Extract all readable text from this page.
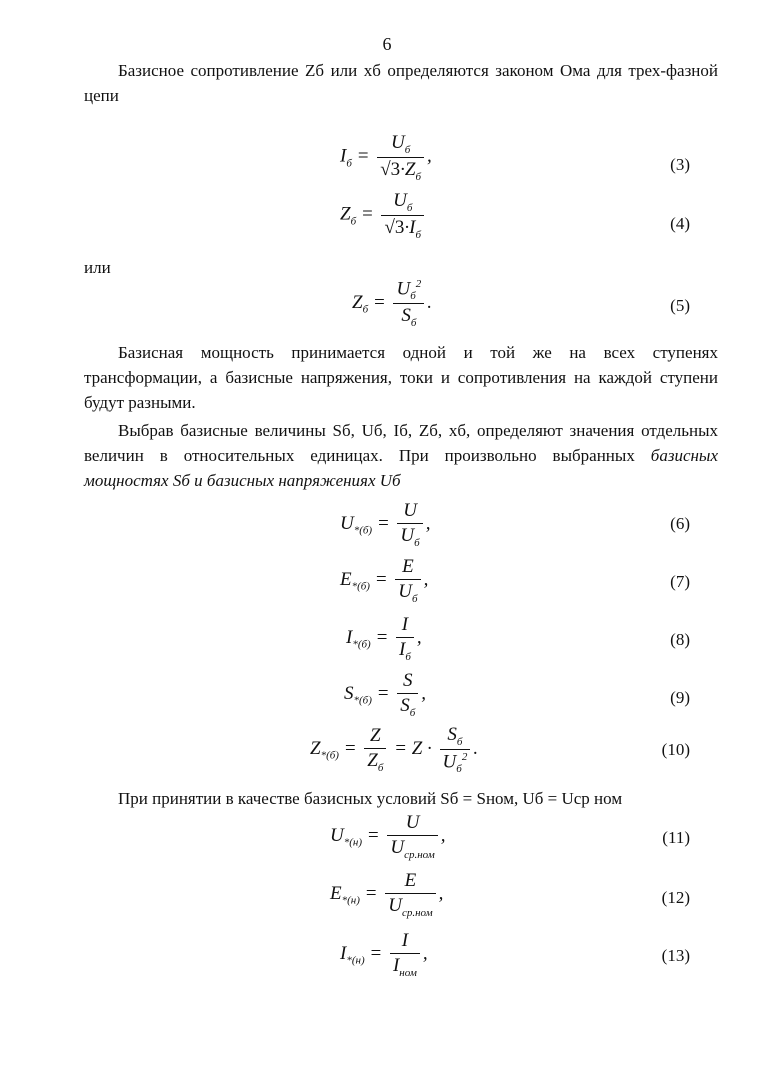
6

Базисное сопротивление Zб или xб определяются законом Ома для трех-фазной цепи

$I_б = \frac{U_б}{√3\cdot Z_б}$ ,	(3)
$Z_б = \frac{U_б}{√3\cdot I_б}$	(4)
или
$Z_б = \frac{U_б^2}{S_б}$ .	(5)

Базисная мощность принимается одной и той же на всех ступенях трансформации, а базисные напряжения, токи и сопротивления на каждой ступени будут разными.

Выбрав базисные величины Sб, Uб, Iб, Zб, xб, определяют значения отдельных величин в относительных единицах. При произвольно выбранных базисных мощностях Sб и базисных напряжениях Uб

$U_{*(б)} = \frac{U}{U_б}$ ,	(6)
$E_{*(б)} = \frac{E}{U_б}$ ,	(7)
$I_{*(б)} = \frac{I}{I_б}$ ,	(8)
$S_{*(б)} = \frac{S}{S_б}$ ,	(9)
$Z_{*(б)} = \frac{Z}{Z_б} = Z \cdot \frac{S_б}{U_б^2}$ .	(10)

При принятии в качестве базисных условий Sб = Sном, Uб = Uср ном

$U_{*(н)} = \frac{U}{U_{ср.ном}}$ ,	(11)
$E_{*(н)} = \frac{E}{U_{ср.ном}}$ ,	(12)
$I_{*(н)} = \frac{I}{I_{ном}}$ ,	(13)
